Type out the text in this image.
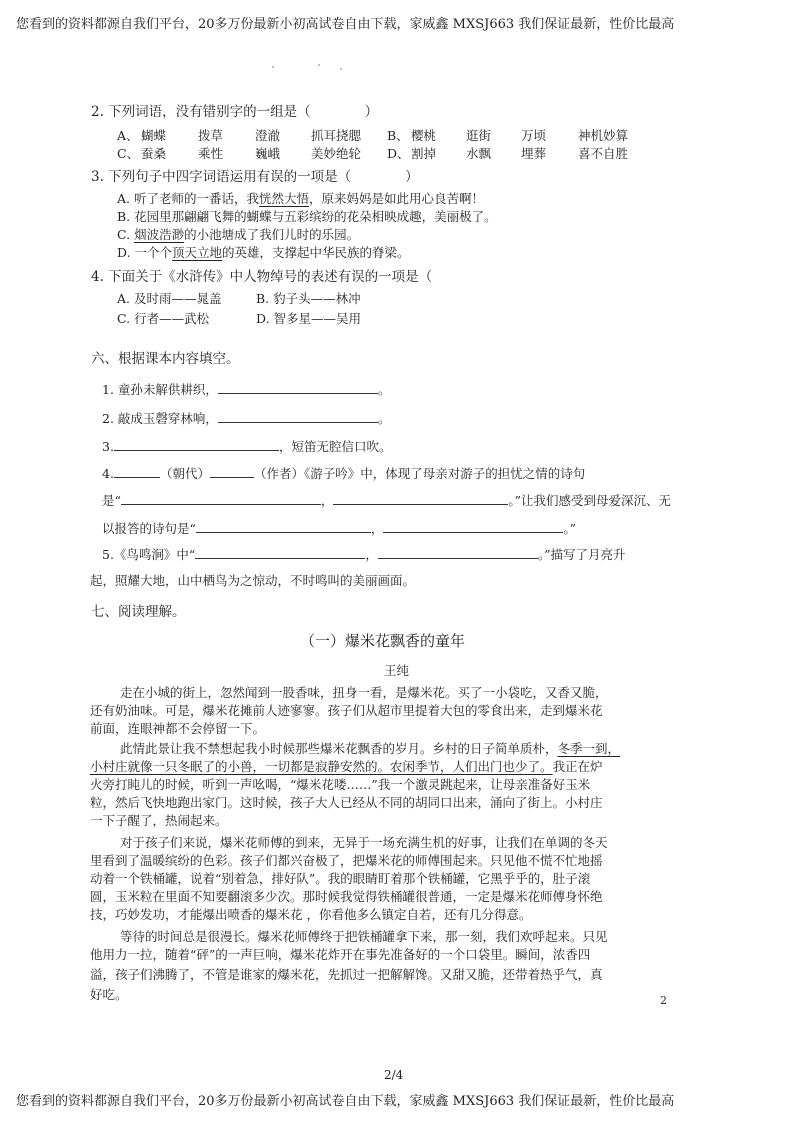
您看到的资料都源自我们平台，20多万份最新小初高试卷自由下载，家威鑫 MXSJ663 我们保证最新，性价比最高
2. 下列词语，没有错别字的一组是（　　　　）
A、 蝴蝶	拨草	澄澈 抓耳挠腮 B、 樱桃 逛街 万顷	神机妙算
C、 蚕桑	乘性	巍峨 美妙绝轮 D、 割掉 水飘 埋葬	喜不自胜
3. 下列句子中四字词语运用有误的一项是（　　　　）
A. 听了老师的一番话，我恍然大悟，原来妈妈是如此用心良苦啊！
B. 花园里那翩翩飞舞的蝴蝶与五彩缤纷的花朵相映成趣，美丽极了。
C. 烟波浩渺的小池塘成了我们儿时的乐园。
D. 一个个顶天立地的英雄，支撑起中华民族的脊梁。
4. 下面关于《水浒传》中人物绰号的表述有误的一项是（
A. 及时雨——晁盖	B. 豹子头——林冲
C. 行者——武松	D. 智多星——吴用
六、根据课本内容填空。
1. 童孙未解供耕织，	。
2. 敲成玉磬穿林响，	。
3.	，短笛无腔信口吹。
4.	（朝代）	（作者）《游子吟》中，体现了母亲对游子的担忧之情的诗句
是“	，	。”让我们感受到母爱深沉、无
以报答的诗句是“	，	。”
5.《鸟鸣涧》中“	，	。”描写了月亮升
起，照耀大地，山中栖鸟为之惊动，不时鸣叫的美丽画面。
七、阅读理解。
（一）爆米花飘香的童年
王纯
走在小城的街上，忽然闻到一股香味，扭身一看，是爆米花。买了一小袋吃，又香又脆，
还有奶油味。可是，爆米花摊前人迹寥寥。孩子们从超市里提着大包的零食出来，走到爆米花
前面，连眼神都不会停留一下。
此情此景让我不禁想起我小时候那些爆米花飘香的岁月。乡村的日子简单质朴，冬季一到，
小村庄就像一只冬眠了的小兽，一切都是寂静安然的。农闲季节，人们出门也少了。我正在炉
火旁打盹儿的时候，听到一声吆喝，“爆米花喽……”我一个激灵跳起来，让母亲准备好玉米
粒，然后飞快地跑出家门。这时候，孩子大人已经从不同的胡同口出来，涌向了街上。小村庄
一下子醒了，热闹起来。
对于孩子们来说，爆米花师傅的到来，无异于一场充满生机的好事，让我们在单调的冬天
里看到了温暖缤纷的色彩。孩子们都兴奋极了，把爆米花的师傅围起来。只见他不慌不忙地摇
动着一个铁桶罐，说着“别着急，排好队”。我的眼睛盯着那个铁桶罐，它黑乎乎的，肚子滚
圆，玉米粒在里面不知要翻滚多少次。那时候我觉得铁桶罐很普通，一定是爆米花师傅身怀绝
技，巧妙发功，才能爆出喷香的爆米花 ，你看他多么镇定自若，还有几分得意。
等待的时间总是很漫长。爆米花师傅终于把铁桶罐拿下来，那一刻，我们欢呼起来。只见
他用力一拉，随着“砰”的一声巨响，爆米花炸开在事先准备好的一个口袋里。瞬间，浓香四
溢，孩子们沸腾了，不管是谁家的爆米花，先抓过一把解解馋。又甜又脆，还带着热乎气，真
好吃。	2
2/4
您看到的资料都源自我们平台，20多万份最新小初高试卷自由下载，家威鑫 MXSJ663 我们保证最新，性价比最高
